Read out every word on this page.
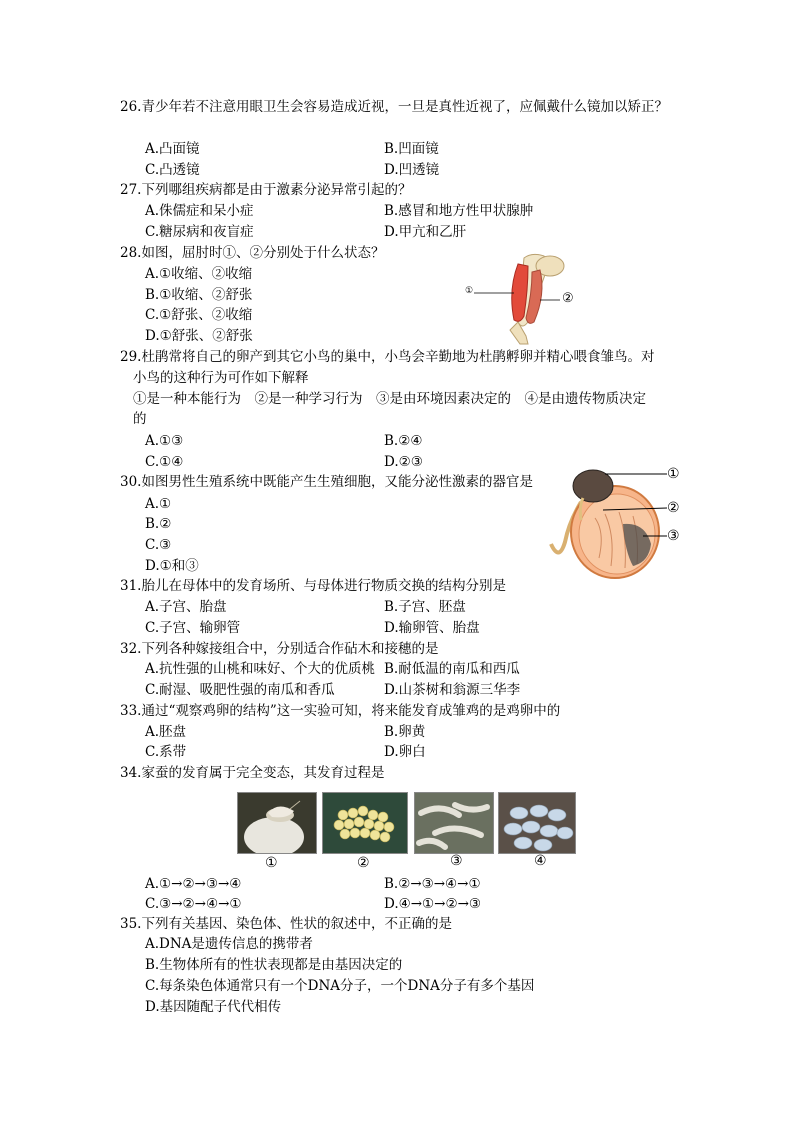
26.青少年若不注意用眼卫生会容易造成近视，一旦是真性近视了，应佩戴什么镜加以矫正？
A.凸面镜	B.凹面镜
C.凸透镜	D.凹透镜
27.下列哪组疾病都是由于激素分泌异常引起的？
A.侏儒症和呆小症	B.感冒和地方性甲状腺肿
C.糖尿病和夜盲症	D.甲亢和乙肝
28.如图，屈肘时①、②分别处于什么状态？
A.①收缩、②收缩
B.①收缩、②舒张
C.①舒张、②收缩
D.①舒张、②舒张
①	②
29.杜鹃常将自己的卵产到其它小鸟的巢中，小鸟会辛勤地为杜鹃孵卵并精心喂食雏鸟。对
小鸟的这种行为可作如下解释
①是一种本能行为　②是一种学习行为　③是由环境因素决定的　④是由遗传物质决定
的
A.①③	B.②④
C.①④	D.②③
30.如图男性生殖系统中既能产生生殖细胞，又能分泌性激素的器官是
A.①
B.②
C.③
D.①和③
①
②
③
31.胎儿在母体中的发育场所、与母体进行物质交换的结构分别是
A.子宫、胎盘	B.子宫、胚盘
C.子宫、输卵管	D.输卵管、胎盘
32.下列各种嫁接组合中，分别适合作砧木和接穗的是
A.抗性强的山桃和味好、个大的优质桃 B.耐低温的南瓜和西瓜
C.耐湿、吸肥性强的南瓜和香瓜	D.山茶树和翁源三华李
33.通过“观察鸡卵的结构”这一实验可知，将来能发育成雏鸡的是鸡卵中的
A.胚盘	B.卵黄
C.系带	D.卵白
34.家蚕的发育属于完全变态，其发育过程是
①	②	③	④
A.①→②→③→④	B.②→③→④→①
C.③→②→④→①	D.④→①→②→③
35.下列有关基因、染色体、性状的叙述中，不正确的是
A.DNA是遗传信息的携带者
B.生物体所有的性状表现都是由基因决定的
C.每条染色体通常只有一个DNA分子，一个DNA分子有多个基因
D.基因随配子代代相传
